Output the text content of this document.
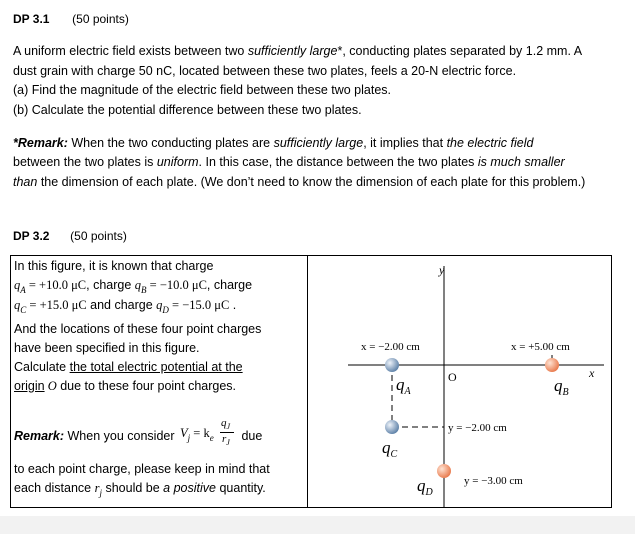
DP 3.1 (50 points)
A uniform electric field exists between two sufficiently large*, conducting plates separated by 1.2 mm. A
dust grain with charge 50 nC, located between these two plates, feels a 20-N electric force.
(a) Find the magnitude of the electric field between these two plates.
(b) Calculate the potential difference between these two plates.
*Remark: When the two conducting plates are sufficiently large, it implies that the electric field
between the two plates is uniform. In this case, the distance between the two plates is much smaller
than the dimension of each plate. (We don’t need to know the dimension of each plate for this problem.)
DP 3.2 (50 points)
In this figure, it is known that charge
$q_A = +10.0$ μC, charge $q_B = -10.0$ μC, charge
$q_C = +15.0$ μC and charge $q_D = -15.0$ μC .
And the locations of these four point charges
have been specified in this figure.
Calculate the total electric potential at the
origin O due to these four point charges.
Remark: When you consider $V_j = k_e$
$q_J$
$r_J$ due
to each point charge, please keep in mind that
each distance $r_j$ should be a positive quantity.

y
x
O
x = −2.00 cm	x = +5.00 cm
y = −2.00 cm
y = −3.00 cm
$q_A$	$q_B$
$q_C$
$q_D$
